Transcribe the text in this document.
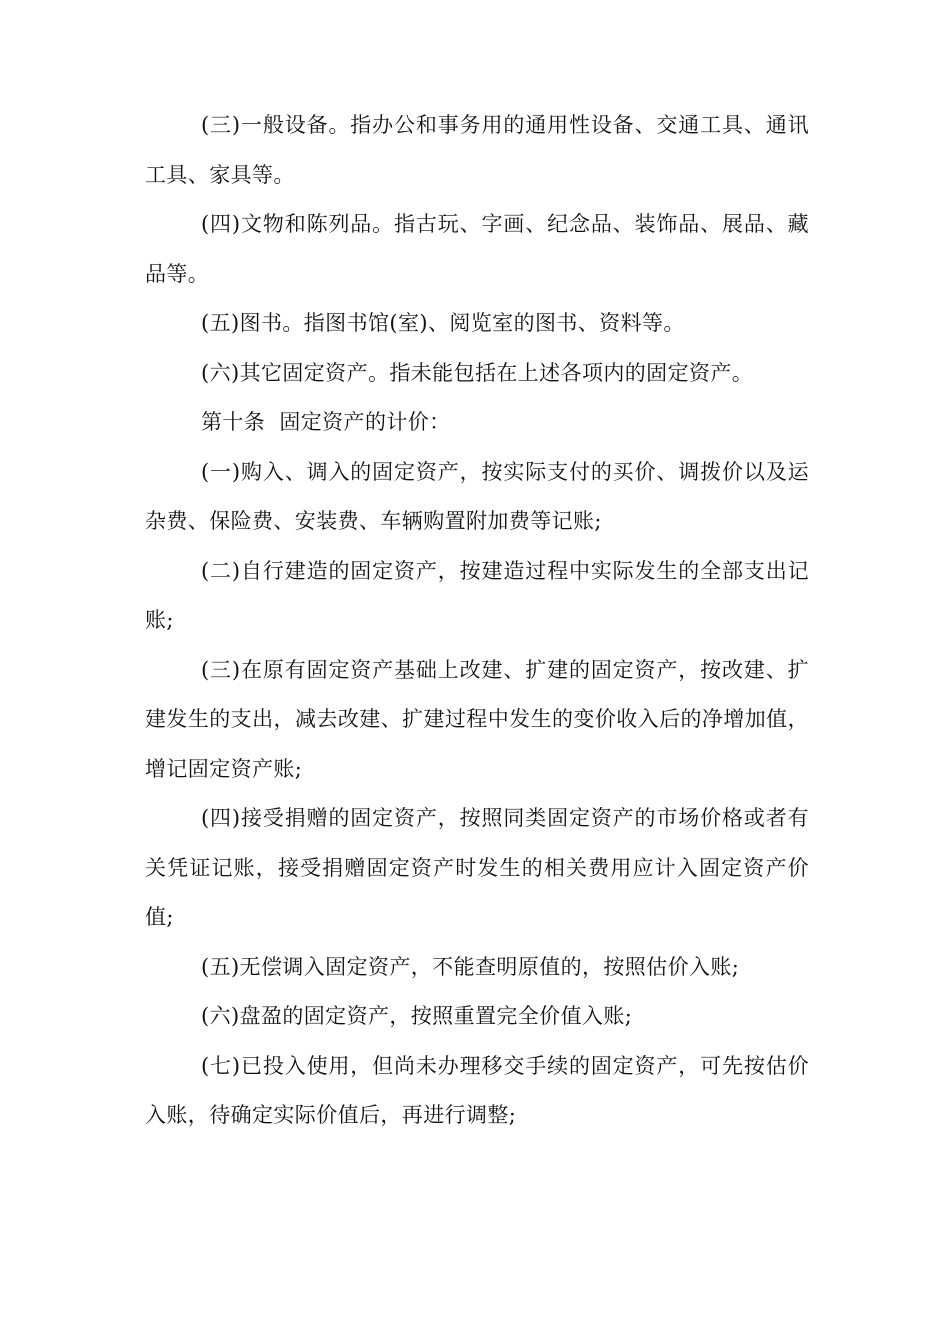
(三)一般设备。指办公和事务用的通用性设备、交通工具、通讯工具、家具等。

(四)文物和陈列品。指古玩、字画、纪念品、装饰品、展品、藏品等。

(五)图书。指图书馆(室)、阅览室的图书、资料等。

(六)其它固定资产。指未能包括在上述各项内的固定资产。

第十条  固定资产的计价：

(一)购入、调入的固定资产，按实际支付的买价、调拨价以及运杂费、保险费、安装费、车辆购置附加费等记账;

(二)自行建造的固定资产，按建造过程中实际发生的全部支出记账;

(三)在原有固定资产基础上改建、扩建的固定资产，按改建、扩建发生的支出，减去改建、扩建过程中发生的变价收入后的净增加值，增记固定资产账;

(四)接受捐赠的固定资产，按照同类固定资产的市场价格或者有关凭证记账，接受捐赠固定资产时发生的相关费用应计入固定资产价值;

(五)无偿调入固定资产，不能查明原值的，按照估价入账;

(六)盘盈的固定资产，按照重置完全价值入账;

(七)已投入使用，但尚未办理移交手续的固定资产，可先按估价入账，待确定实际价值后，再进行调整;
